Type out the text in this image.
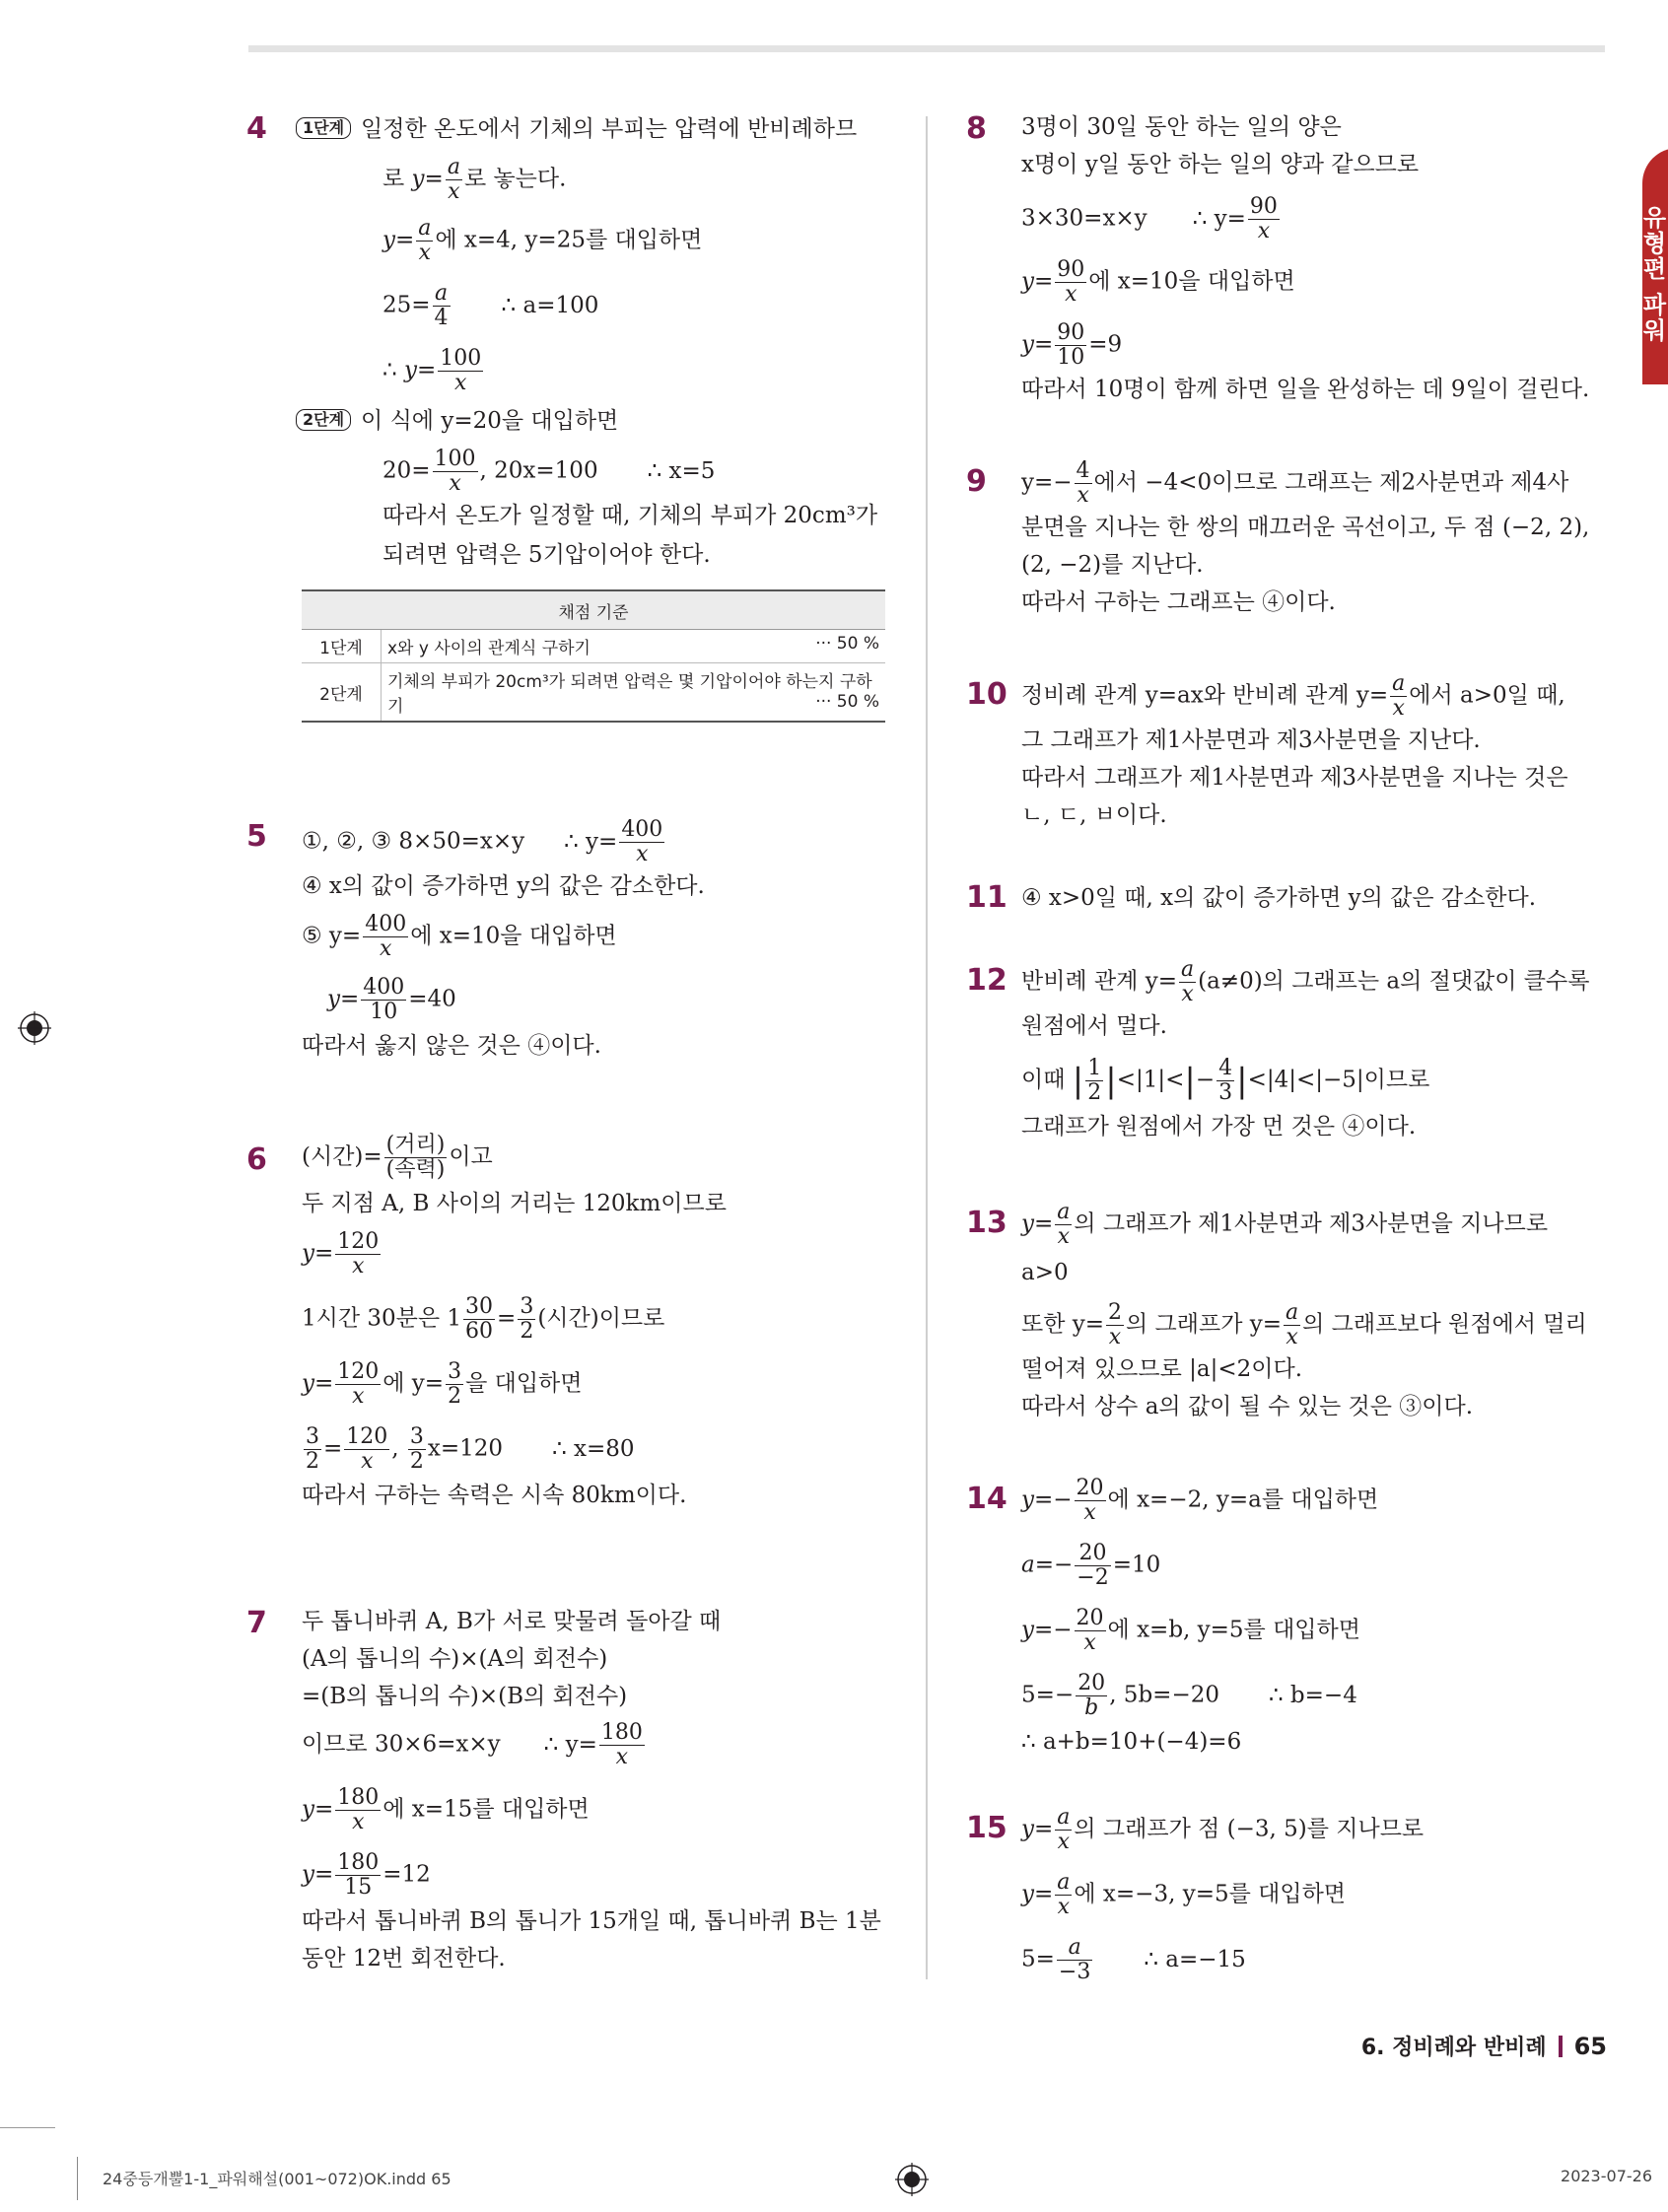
유형편 파워
4	1단계 일정한 온도에서 기체의 부피는 압력에 반비례하므
로 $y= \frac{a}{x}$ 로 놓는다.
$y= \frac{a}{x}$ 에 x=4, y=25를 대입하면
$25= \frac{a}{4}$ ∴ a=100
∴ $y= \frac{100}{x}$
2단계 이 식에 y=20을 대입하면
$20= \frac{100}{x}$ , 20x=100 ∴ x=5
따라서 온도가 일정할 때, 기체의 부피가 20cm³가
되려면 압력은 5기압이어야 한다.
채점 기준	
1단계	x와 y 사이의 관계식 구하기 ··· 50 %

2단계	기체의 부피가 20cm³가 되려면 압력은 몇 기압이어야 하는지 구하기 ··· 50 %
5 ①, ②, ③ 8×50=x×y ∴ $y= \frac{400}{x}$
④ x의 값이 증가하면 y의 값은 감소한다.
⑤ $y= \frac{400}{x}$ 에 x=10을 대입하면
$y= \frac{400}{10} =40$
따라서 옳지 않은 것은 ④이다.
6 (시간)= $\frac{\text{(거리)}}{\text{(속력)}}$ 이고
두 지점 A, B 사이의 거리는 120km이므로
$y= \frac{120}{x}$
1시간 30분은 $1 \frac{30}{60} = \frac{3}{2}$ (시간)이므로
$y= \frac{120}{x}$ 에 $y= \frac{3}{2}$ 을 대입하면
$\frac{3}{2} = \frac{120}{x}$ , $\frac{3}{2} x=120$ ∴ x=80
따라서 구하는 속력은 시속 80km이다.
7 두 톱니바퀴 A, B가 서로 맞물려 돌아갈 때
(A의 톱니의 수)×(A의 회전수)
=(B의 톱니의 수)×(B의 회전수)
이므로 30×6=x×y ∴ $y= \frac{180}{x}$
$y= \frac{180}{x}$ 에 x=15를 대입하면
$y= \frac{180}{15} =12$
따라서 톱니바퀴 B의 톱니가 15개일 때, 톱니바퀴 B는 1분
동안 12번 회전한다.
8 3명이 30일 동안 하는 일의 양은
x명이 y일 동안 하는 일의 양과 같으므로
3×30=x×y ∴ $y= \frac{90}{x}$
$y= \frac{90}{x}$ 에 x=10을 대입하면
$y= \frac{90}{10} =9$
따라서 10명이 함께 하면 일을 완성하는 데 9일이 걸린다.
9 $y=- \frac{4}{x}$ 에서 −4<0이므로 그래프는 제2사분면과 제4사
분면을 지나는 한 쌍의 매끄러운 곡선이고, 두 점 (−2, 2),
(2, −2)를 지난다.
따라서 구하는 그래프는 ④이다.
10 정비례 관계 y=ax와 반비례 관계 $y= \frac{a}{x}$ 에서 a>0일 때,
그 그래프가 제1사분면과 제3사분면을 지난다.
따라서 그래프가 제1사분면과 제3사분면을 지나는 것은
ㄴ, ㄷ, ㅂ이다.
11 ④ x>0일 때, x의 값이 증가하면 y의 값은 감소한다.
12 반비례 관계 $y= \frac{a}{x} (a\ne 0)$의 그래프는 a의 절댓값이 클수록
원점에서 멀다.
이때 | $\frac{1}{2} |<|1|<|- \frac{4}{3} |<|4|<|-5|$이므로
그래프가 원점에서 가장 먼 것은 ④이다.
13 $y= \frac{a}{x}$ 의 그래프가 제1사분면과 제3사분면을 지나므로
a>0
또한 $y= \frac{2}{x}$ 의 그래프가 $y= \frac{a}{x}$ 의 그래프보다 원점에서 멀리
떨어져 있으므로 |a|<2이다.
따라서 상수 a의 값이 될 수 있는 것은 ③이다.
14 $y=- \frac{20}{x}$ 에 x=−2, y=a를 대입하면
$a=- \frac{20}{-2} =10$
$y=- \frac{20}{x}$ 에 x=b, y=5를 대입하면
$5=- \frac{20}{b}$ , 5b=−20 ∴ b=−4
∴ a+b=10+(−4)=6
15 $y= \frac{a}{x}$ 의 그래프가 점 (−3, 5)를 지나므로
$y= \frac{a}{x}$ 에 x=−3, y=5를 대입하면
$5= \frac{a}{-3}$ ∴ a=−15
6. 정비례와 반비례 65
24중등개뿔1-1_파워해설(001~072)OK.indd 65	2023-07-26
